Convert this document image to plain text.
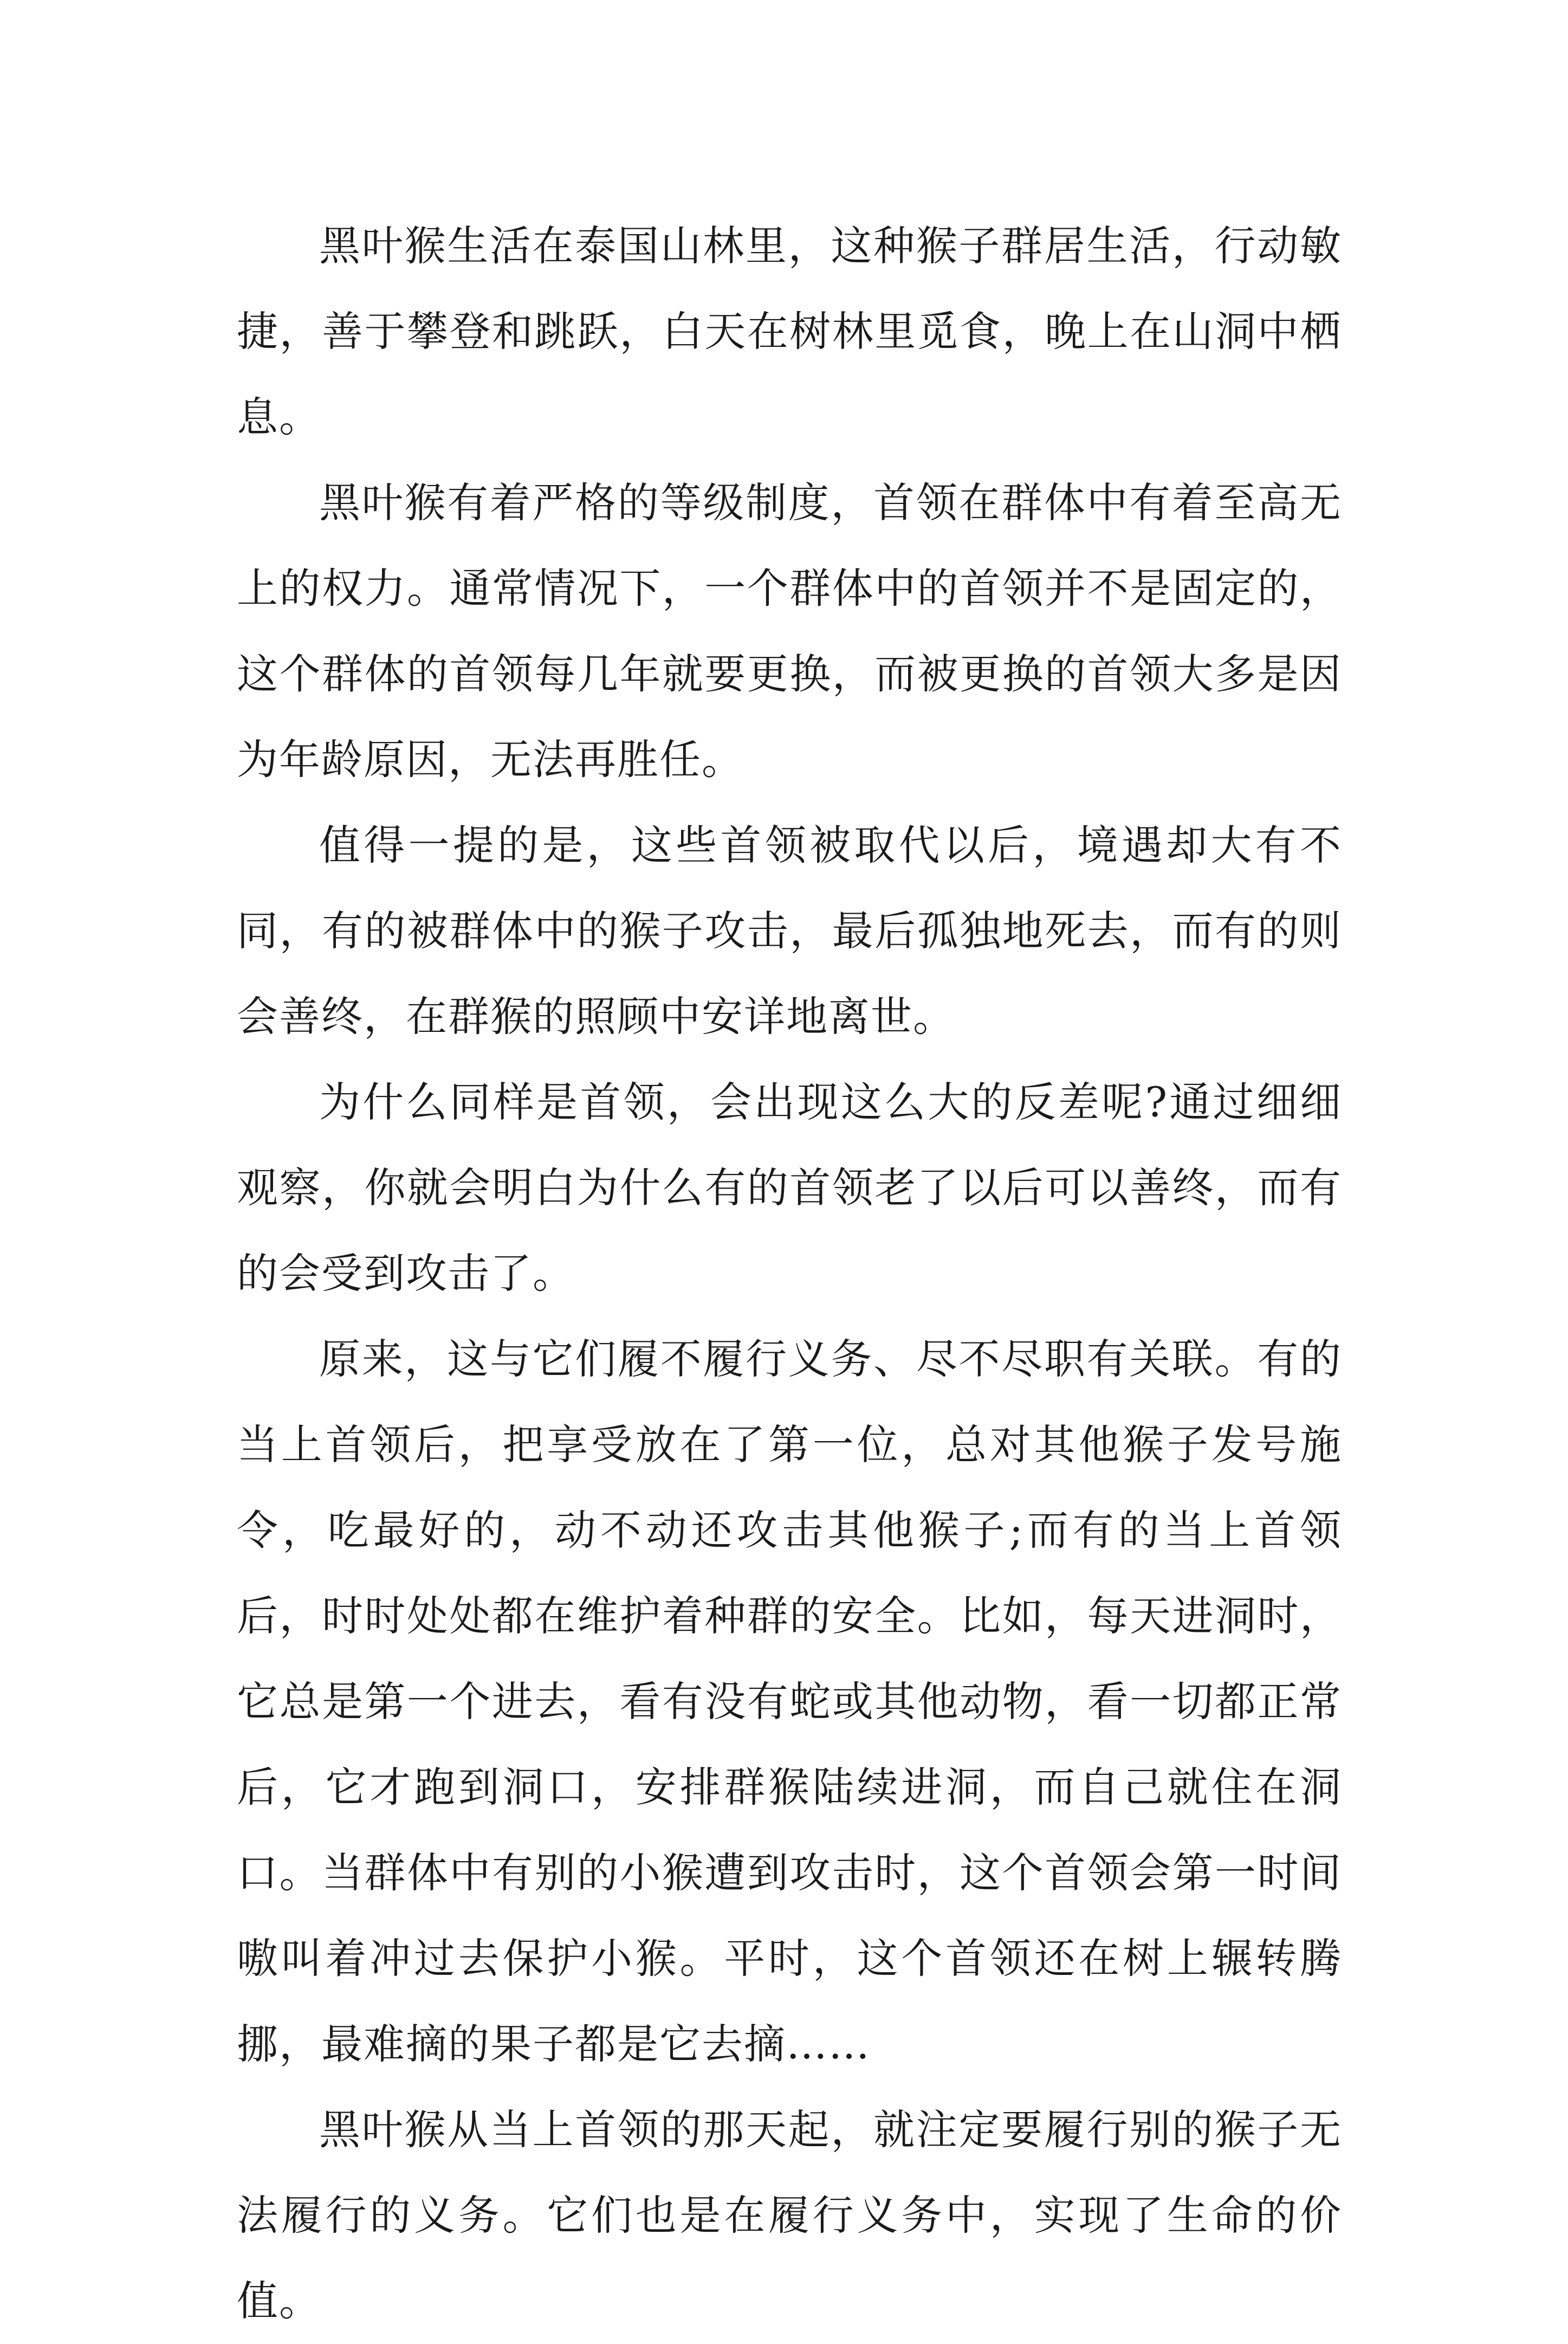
黑叶猴生活在泰国山林里，这种猴子群居生活，行动敏捷，善于攀登和跳跃，白天在树林里觅食，晚上在山洞中栖息。

黑叶猴有着严格的等级制度，首领在群体中有着至高无上的权力。通常情况下，一个群体中的首领并不是固定的，这个群体的首领每几年就要更换，而被更换的首领大多是因为年龄原因，无法再胜任。

值得一提的是，这些首领被取代以后，境遇却大有不同，有的被群体中的猴子攻击，最后孤独地死去，而有的则会善终，在群猴的照顾中安详地离世。

为什么同样是首领，会出现这么大的反差呢?通过细细观察，你就会明白为什么有的首领老了以后可以善终，而有的会受到攻击了。

原来，这与它们履不履行义务、尽不尽职有关联。有的当上首领后，把享受放在了第一位，总对其他猴子发号施令，吃最好的，动不动还攻击其他猴子;而有的当上首领后，时时处处都在维护着种群的安全。比如，每天进洞时，它总是第一个进去，看有没有蛇或其他动物，看一切都正常后，它才跑到洞口，安排群猴陆续进洞，而自己就住在洞口。当群体中有别的小猴遭到攻击时，这个首领会第一时间嗷叫着冲过去保护小猴。平时，这个首领还在树上辗转腾挪，最难摘的果子都是它去摘……

黑叶猴从当上首领的那天起，就注定要履行别的猴子无法履行的义务。它们也是在履行义务中，实现了生命的价值。
